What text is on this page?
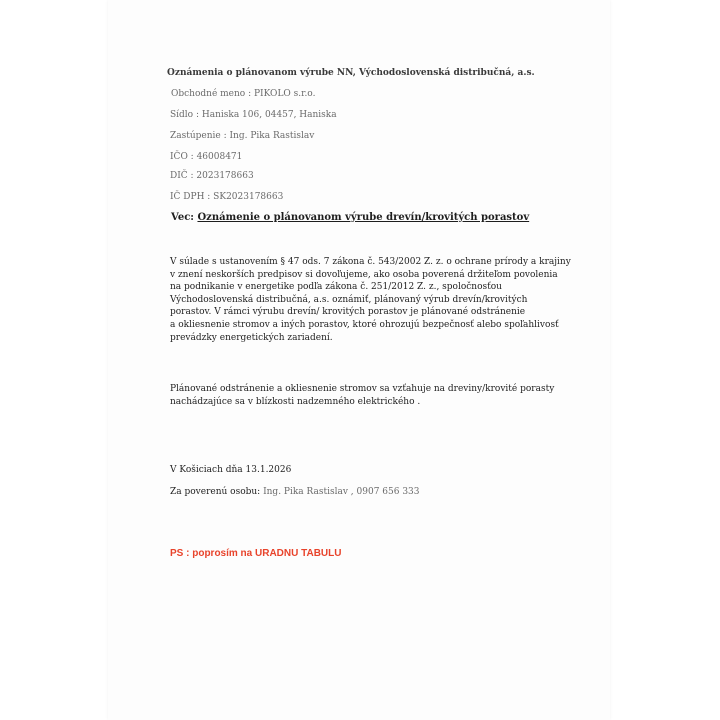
Oznámenia o plánovanom výrube NN, Východoslovenská distribučná, a.s.
Obchodné meno : PIKOLO s.r.o.
Sídlo : Haniska 106, 04457, Haniska
Zastúpenie : Ing. Pika Rastislav
IČO : 46008471
DIČ : 2023178663
IČ DPH : SK2023178663
Vec: Oznámenie o plánovanom výrube drevín/krovitých porastov
V súlade s ustanovením § 47 ods. 7 zákona č. 543/2002 Z. z. o ochrane prírody a krajiny
v znení neskorších predpisov si dovoľujeme, ako osoba poverená držiteľom povolenia
na podnikanie v energetike podľa zákona č. 251/2012 Z. z., spoločnosťou
Východoslovenská distribučná, a.s. oznámiť, plánovaný výrub drevín/krovitých
porastov. V rámci výrubu drevín/ krovitých porastov je plánované odstránenie
a okliesnenie stromov a iných porastov, ktoré ohrozujú bezpečnosť alebo spoľahlivosť
prevádzky energetických zariadení.
Plánované odstránenie a okliesnenie stromov sa vzťahuje na dreviny/krovité porasty
nachádzajúce sa v blízkosti nadzemného elektrického .
V Košiciach dňa 13.1.2026
Za poverenú osobu: Ing. Pika Rastislav , 0907 656 333
PS : poprosím na URADNU TABULU
